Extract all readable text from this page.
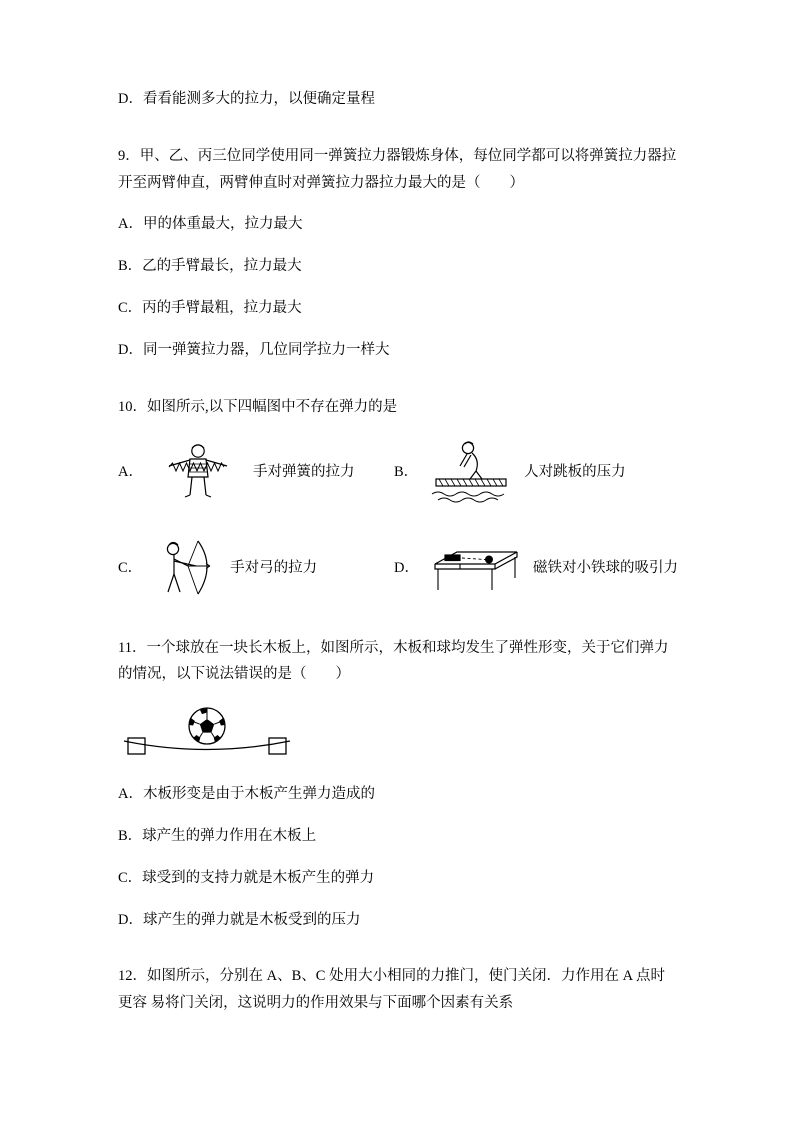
D．看看能测多大的拉力，以便确定量程

9．甲、乙、丙三位同学使用同一弹簧拉力器锻炼身体，每位同学都可以将弹簧拉力器拉开至两臂伸直，两臂伸直时对弹簧拉力器拉力最大的是（　　）

A．甲的体重最大，拉力最大

B．乙的手臂最长，拉力最大

C．丙的手臂最粗，拉力最大

D．同一弹簧拉力器，几位同学拉力一样大

10．如图所示,以下四幅图中不存在弹力的是

A．	手对弹簧的拉力	B．	人对跳板的压力
C．	手对弓的拉力	D．	磁铁对小铁球的吸引力

11．一个球放在一块长木板上，如图所示，木板和球均发生了弹性形变，关于它们弹力的情况，以下说法错误的是（　　）

A．木板形变是由于木板产生弹力造成的

B．球产生的弹力作用在木板上

C．球受到的支持力就是木板产生的弹力

D．球产生的弹力就是木板受到的压力

12．如图所示，分别在 A、B、C 处用大小相同的力推门，使门关闭．力作用在 A 点时更容 易将门关闭，这说明力的作用效果与下面哪个因素有关系
